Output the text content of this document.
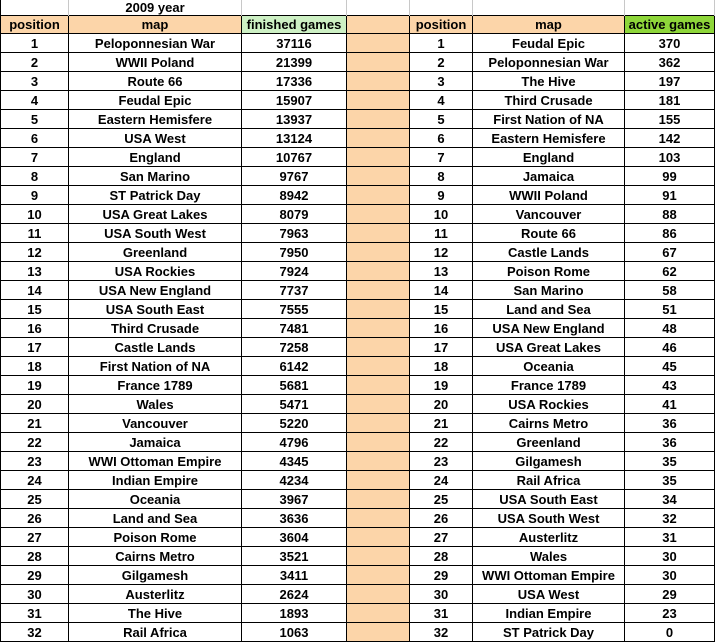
	2009 year					
position	map	finished games		position	map	active games
1	Peloponnesian War	37116		1	Feudal Epic	370
2	WWII Poland	21399		2	Peloponnesian War	362
3	Route 66	17336		3	The Hive	197
4	Feudal Epic	15907		4	Third Crusade	181
5	Eastern Hemisfere	13937		5	First Nation of NA	155
6	USA West	13124		6	Eastern Hemisfere	142
7	England	10767		7	England	103
8	San Marino	9767		8	Jamaica	99
9	ST Patrick Day	8942		9	WWII Poland	91
10	USA Great Lakes	8079		10	Vancouver	88
11	USA South West	7963		11	Route 66	86
12	Greenland	7950		12	Castle Lands	67
13	USA Rockies	7924		13	Poison Rome	62
14	USA New England	7737		14	San Marino	58
15	USA South East	7555		15	Land and Sea	51
16	Third Crusade	7481		16	USA New England	48
17	Castle Lands	7258		17	USA Great Lakes	46
18	First Nation of NA	6142		18	Oceania	45
19	France 1789	5681		19	France 1789	43
20	Wales	5471		20	USA Rockies	41
21	Vancouver	5220		21	Cairns Metro	36
22	Jamaica	4796		22	Greenland	36
23	WWI Ottoman Empire	4345		23	Gilgamesh	35
24	Indian Empire	4234		24	Rail Africa	35
25	Oceania	3967		25	USA South East	34
26	Land and Sea	3636		26	USA South West	32
27	Poison Rome	3604		27	Austerlitz	31
28	Cairns Metro	3521		28	Wales	30
29	Gilgamesh	3411		29	WWI Ottoman Empire	30
30	Austerlitz	2624		30	USA West	29
31	The Hive	1893		31	Indian Empire	23
32	Rail Africa	1063		32	ST Patrick Day	0
